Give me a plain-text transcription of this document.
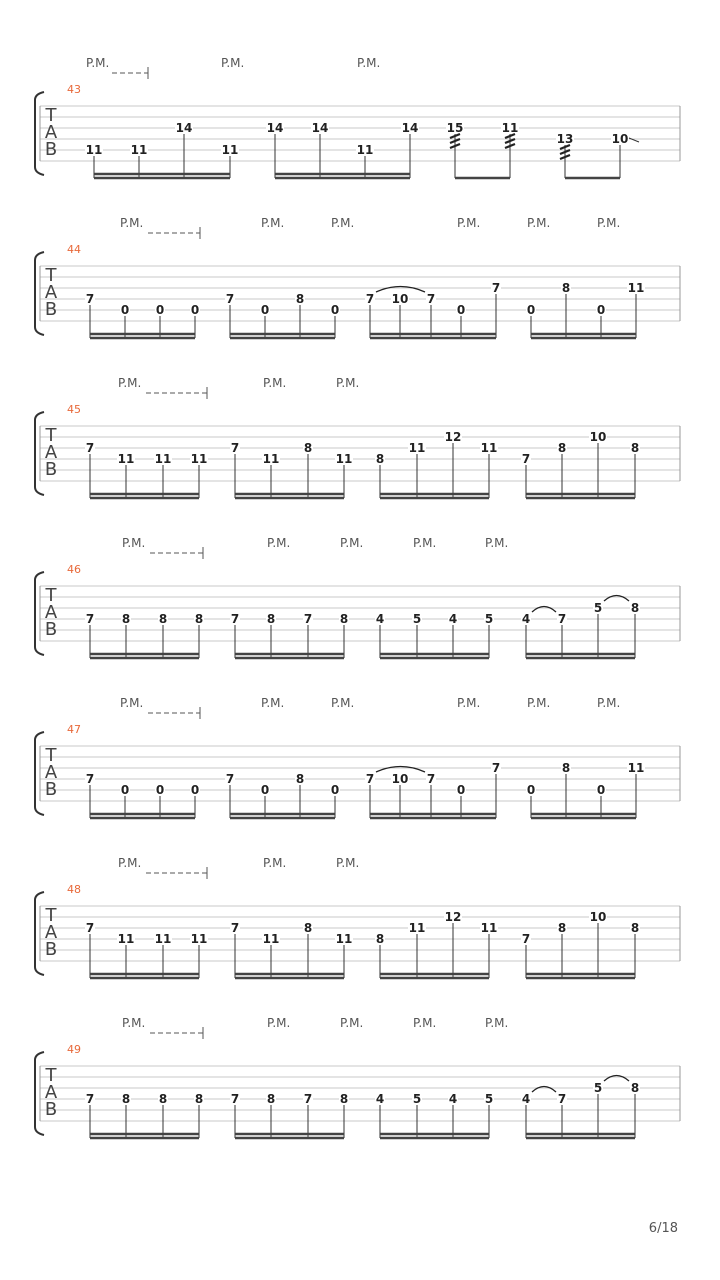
43
T
A
B
P.M.	P.M.	P.M.
11 11
14
11
14 14
11
14 15	11
13	10
44
T
A
B
P.M.	P.M.	P.M.	P.M.	P.M.	P.M.
7
0 0 0
7
0
8
0
7 10 7
0
7
0
8
0
11
45
T
A
B
P.M.	P.M.	P.M.
7
11 11 11
7
11
8
11 8
11
12
11
7
8
10
8
46
T
A
B
P.M.	P.M.	P.M.	P.M.	P.M.
7 8 8 8 7 8 7 8 4 5 4 5 4 7
5 8
47
T
A
B
P.M.	P.M.	P.M.	P.M.	P.M.	P.M.
7
0 0 0
7
0
8
0
7 10 7
0
7
0
8
0
11
48
T
A
B
P.M.	P.M.	P.M.
7
11 11 11
7
11
8
11 8
11
12
11
7
8
10
8
49
T
A
B
P.M.	P.M.	P.M.	P.M.	P.M.
7 8 8 8 7 8 7 8 4 5 4 5 4 7
5 8
6/18
